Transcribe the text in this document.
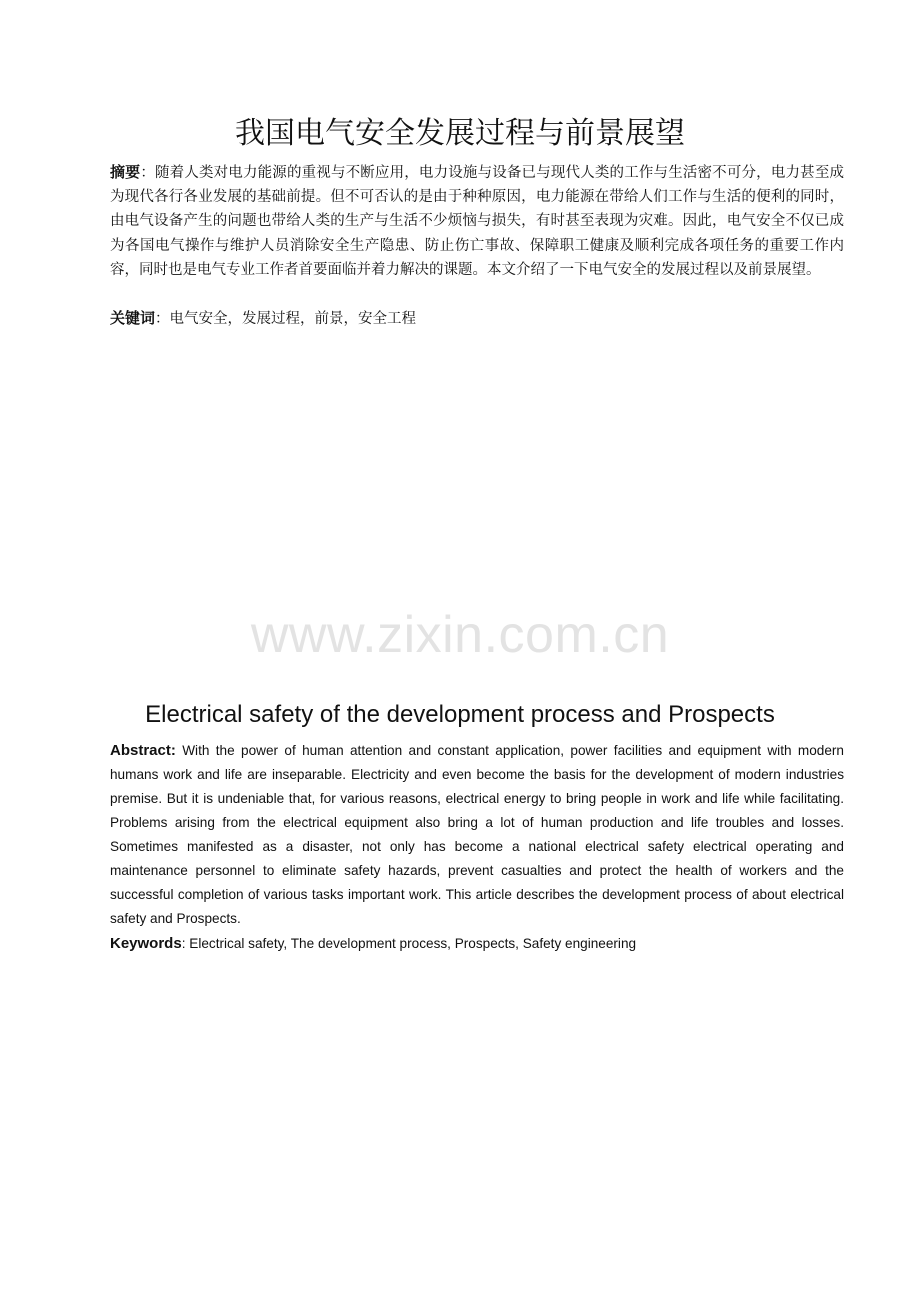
我国电气安全发展过程与前景展望

摘要：随着人类对电力能源的重视与不断应用，电力设施与设备已与现代人类的工作与生活密不可分，电力甚至成为现代各行各业发展的基础前提。但不可否认的是由于种种原因，电力能源在带给人们工作与生活的便利的同时，由电气设备产生的问题也带给人类的生产与生活不少烦恼与损失，有时甚至表现为灾难。因此，电气安全不仅已成为各国电气操作与维护人员消除安全生产隐患、防止伤亡事故、保障职工健康及顺利完成各项任务的重要工作内容，同时也是电气专业工作者首要面临并着力解决的课题。本文介绍了一下电气安全的发展过程以及前景展望。

关键词：电气安全，发展过程，前景，安全工程

www.zixin.com.cn
Electrical safety of the development process and Prospects

Abstract: With the power of human attention and constant application, power facilities and equipment with modern humans work and life are inseparable. Electricity and even become the basis for the development of modern industries premise. But it is undeniable that, for various reasons, electrical energy to bring people in work and life while facilitating. Problems arising from the electrical equipment also bring a lot of human production and life troubles and losses. Sometimes manifested as a disaster, not only has become a national electrical safety electrical operating and maintenance personnel to eliminate safety hazards, prevent casualties and protect the health of workers and the successful completion of various tasks important work. This article describes the development process of about electrical safety and Prospects.

Keywords: Electrical safety, The development process, Prospects, Safety engineering
